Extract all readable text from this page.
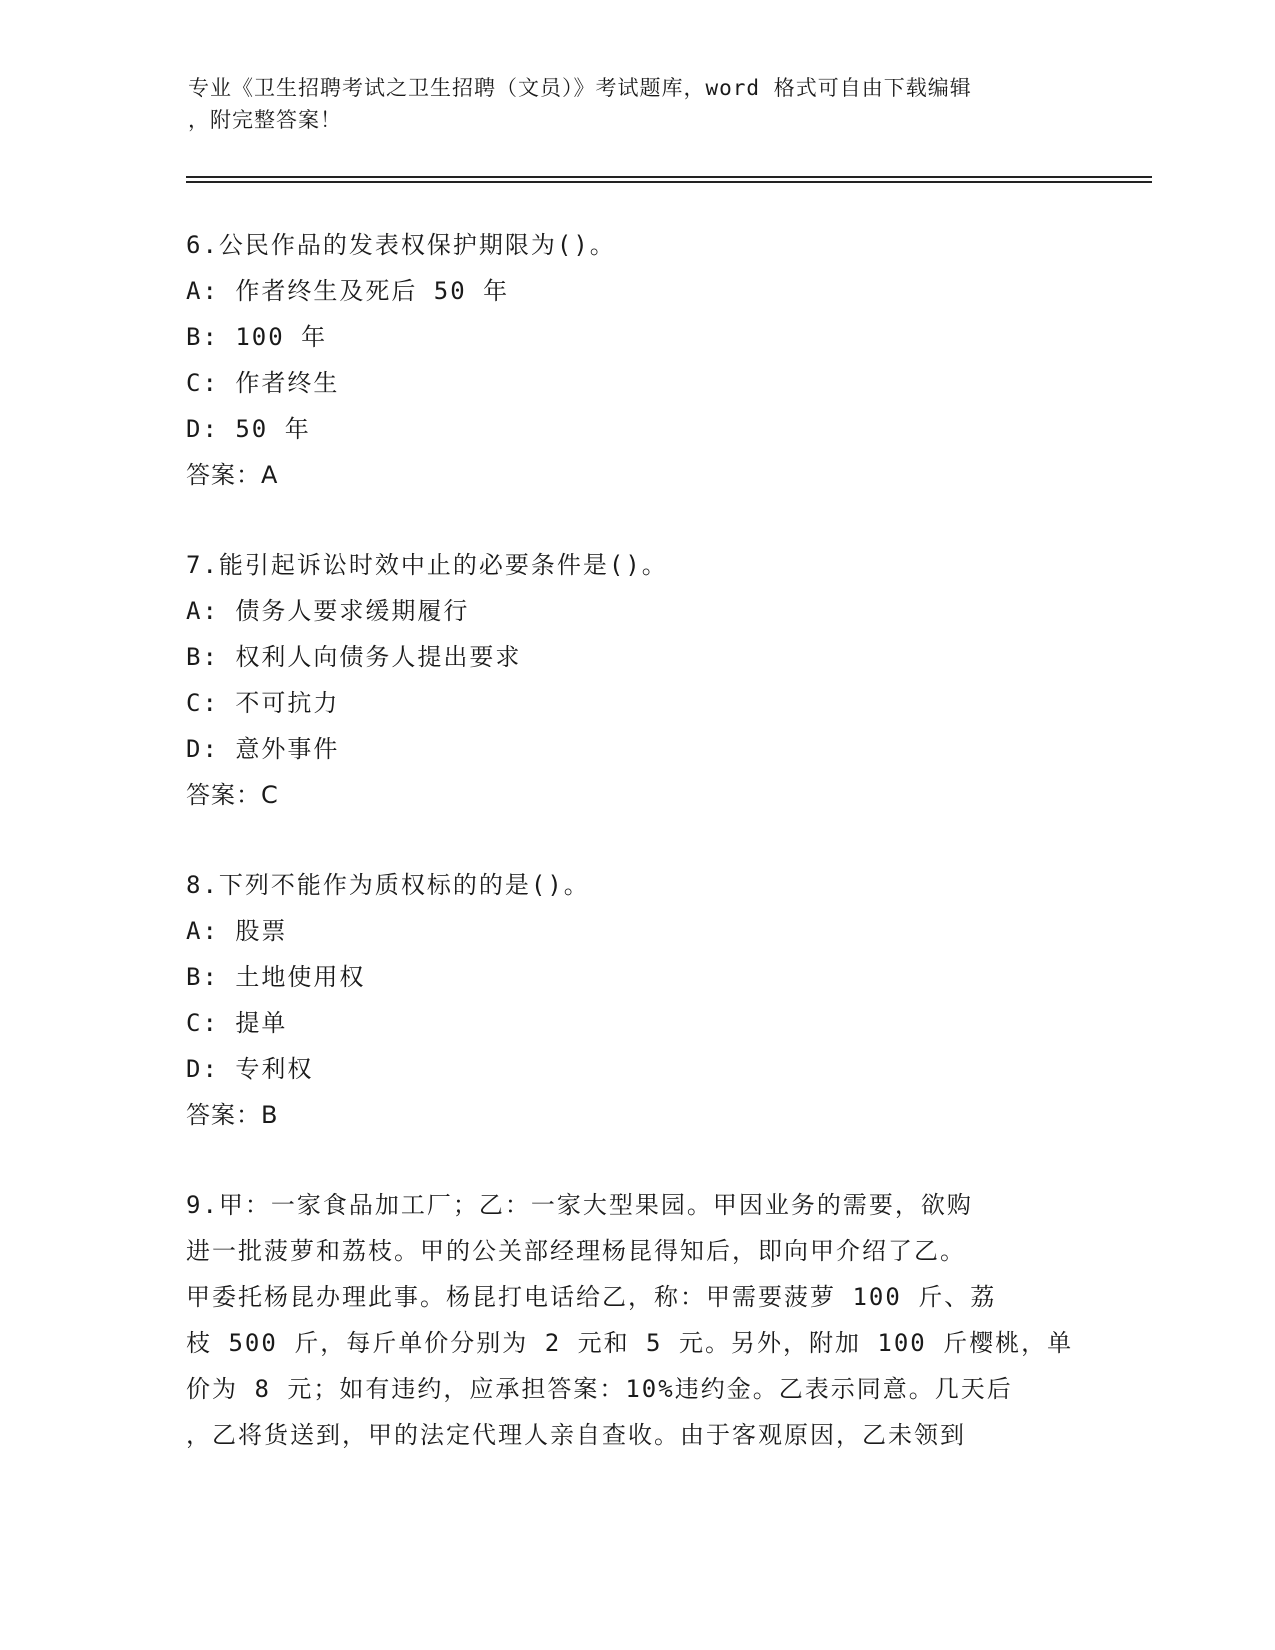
专业《卫生招聘考试之卫生招聘（文员）》考试题库，word 格式可自由下载编辑
，附完整答案！
6.公民作品的发表权保护期限为()。
A: 作者终生及死后 50 年
B: 100 年
C: 作者终生
D: 50 年
答案：A
7.能引起诉讼时效中止的必要条件是()。
A: 债务人要求缓期履行
B: 权利人向债务人提出要求
C: 不可抗力
D: 意外事件
答案：C
8.下列不能作为质权标的的是()。
A: 股票
B: 土地使用权
C: 提单
D: 专利权
答案：B
9.甲：一家食品加工厂；乙：一家大型果园。甲因业务的需要，欲购
进一批菠萝和荔枝。甲的公关部经理杨昆得知后，即向甲介绍了乙。
甲委托杨昆办理此事。杨昆打电话给乙，称：甲需要菠萝 100 斤、荔
枝 500 斤，每斤单价分别为 2 元和 5 元。另外，附加 100 斤樱桃，单
价为 8 元；如有违约，应承担答案：10%违约金。乙表示同意。几天后
，乙将货送到，甲的法定代理人亲自查收。由于客观原因，乙未领到
